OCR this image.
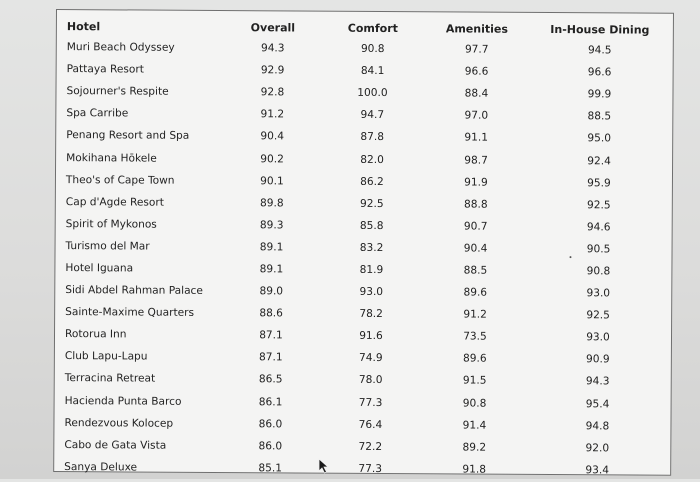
Hotel	Overall	Comfort	Amenities	In-House Dining
Muri Beach Odyssey	94.3	90.8	97.7	94.5
Pattaya Resort	92.9	84.1	96.6	96.6
Sojourner's Respite	92.8	100.0	88.4	99.9
Spa Carribe	91.2	94.7	97.0	88.5
Penang Resort and Spa	90.4	87.8	91.1	95.0
Mokihana Hōkele	90.2	82.0	98.7	92.4
Theo's of Cape Town	90.1	86.2	91.9	95.9
Cap d'Agde Resort	89.8	92.5	88.8	92.5
Spirit of Mykonos	89.3	85.8	90.7	94.6
Turismo del Mar	89.1	83.2	90.4	90.5
Hotel Iguana	89.1	81.9	88.5	90.8
Sidi Abdel Rahman Palace	89.0	93.0	89.6	93.0
Sainte-Maxime Quarters	88.6	78.2	91.2	92.5
Rotorua Inn	87.1	91.6	73.5	93.0
Club Lapu-Lapu	87.1	74.9	89.6	90.9
Terracina Retreat	86.5	78.0	91.5	94.3
Hacienda Punta Barco	86.1	77.3	90.8	95.4
Rendezvous Kolocep	86.0	76.4	91.4	94.8
Cabo de Gata Vista	86.0	72.2	89.2	92.0
Sanya Deluxe	85.1	77.3	91.8	93.4
